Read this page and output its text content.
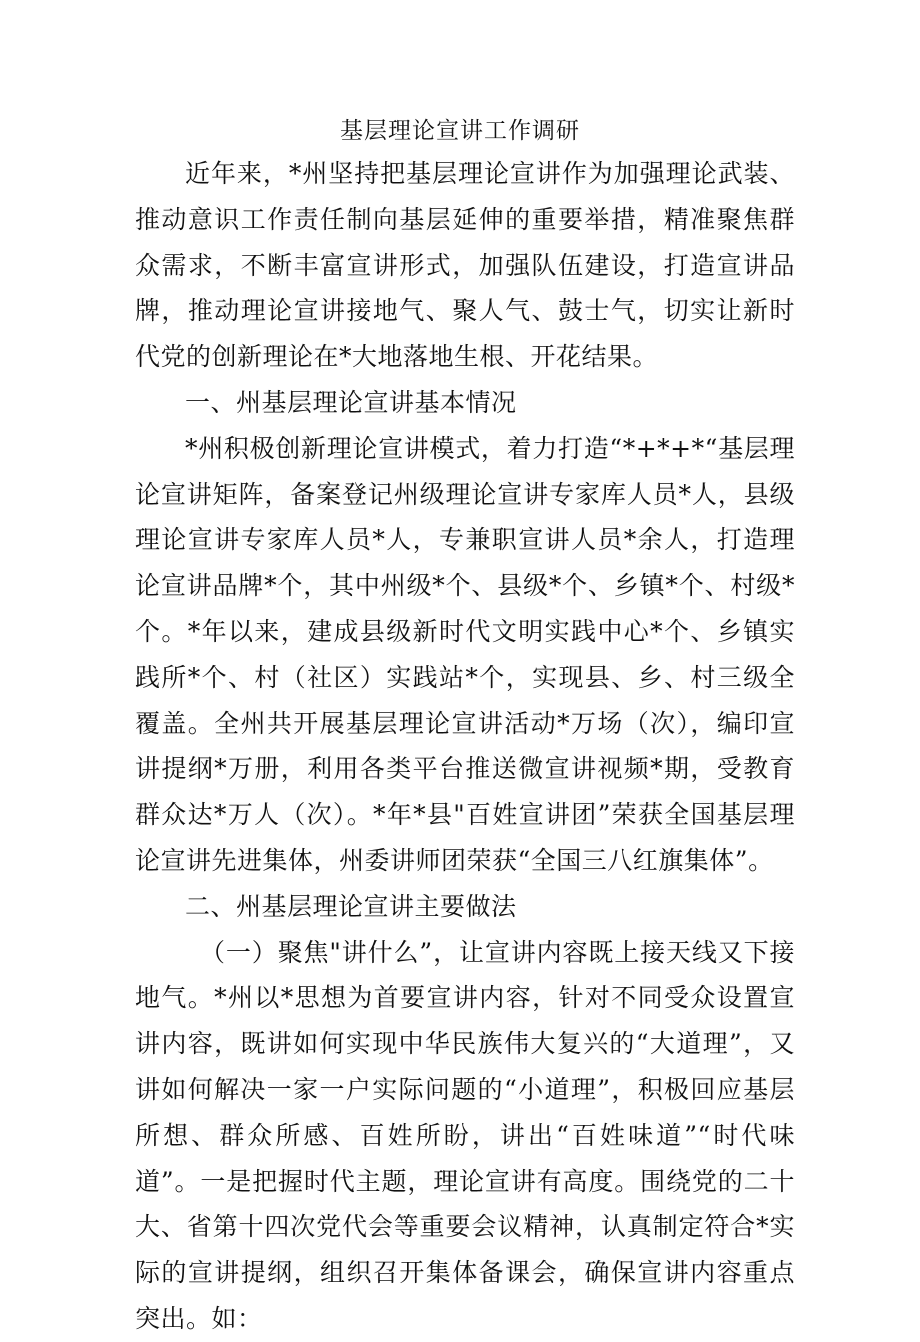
基层理论宣讲工作调研

近年来，*州坚持把基层理论宣讲作为加强理论武装、推动意识工作责任制向基层延伸的重要举措，精准聚焦群众需求，不断丰富宣讲形式，加强队伍建设，打造宣讲品牌，推动理论宣讲接地气、聚人气、鼓士气，切实让新时代党的创新理论在*大地落地生根、开花结果。

一、州基层理论宣讲基本情况

*州积极创新理论宣讲模式，着力打造“*+*+*“基层理论宣讲矩阵，备案登记州级理论宣讲专家库人员*人，县级理论宣讲专家库人员*人，专兼职宣讲人员*余人，打造理论宣讲品牌*个，其中州级*个、县级*个、乡镇*个、村级*个。*年以来，建成县级新时代文明实践中心*个、乡镇实践所*个、村（社区）实践站*个，实现县、乡、村三级全覆盖。全州共开展基层理论宣讲活动*万场（次），编印宣讲提纲*万册，利用各类平台推送微宣讲视频*期，受教育群众达*万人（次）。*年*县"百姓宣讲团”荣获全国基层理论宣讲先进集体，州委讲师团荣获“全国三八红旗集体”。

二、州基层理论宣讲主要做法

（一）聚焦"讲什么”，让宣讲内容既上接天线又下接地气。*州以*思想为首要宣讲内容，针对不同受众设置宣讲内容，既讲如何实现中华民族伟大复兴的“大道理”，又讲如何解决一家一户实际问题的“小道理”，积极回应基层所想、群众所感、百姓所盼，讲出“百姓味道”“时代味道”。一是把握时代主题，理论宣讲有高度。围绕党的二十大、省第十四次党代会等重要会议精神，认真制定符合*实际的宣讲提纲，组织召开集体备课会，确保宣讲内容重点突出。如：
